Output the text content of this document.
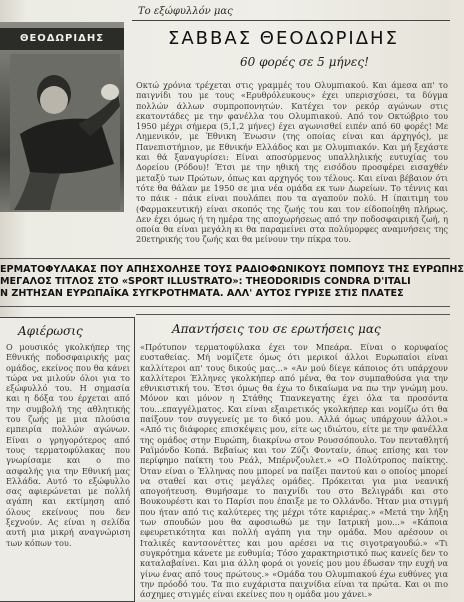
ΘΕΟΔΩΡΙΔΗΣ
Το εξώφυλλόν μας
ΣΑΒΒΑΣ ΘΕΟΔΩΡΙΔΗΣ
60 φορές σε 5 μήνες!
Οκτώ χρόνια τρέχεται στις γραμμές του Ολυμπιακού. Και άμεσα απ' το παιγνίδι του με τους «Ερυθρόλευκους» έχει υπερισχύσει, τα δύγμα πολλών άλλων συμπροπονητών. Κατέχει τον ρεκόρ αγώνων στις εκατοντάδες με την φανέλλα του Ολυμπιακού. Από τον Οκτώβριο του 1950 μέχρι σήμερα (5,1,2 μήνες) έχει αγωνισθεί ειπέν από 60 φορές! Με Λημενικόν, με Έθνικη Ένωσιν (της οποίας είναι και άρχηγός), με Πανεπιστήμιον, με Εθνικήν Ελλάδος και με Ολυμπιακόν. Και μή ξεχάστε και θά ξαναγυρίσει: Είναι αποσύρμενος υπαλληλικής ευτυχίας του Δορείου (Ρόδου)! Έτσι με την ηθική της εισόδου προσφέρει εισαχθέν μεταξύ των Πρώτων, όπως και αρχηγός του τέλους. Και είναι βέβαιον ότι τότε θα θάλαν με 1950 σε μια νέα ομάδα εκ των Δωρείων. Το τέννις και το πάικ - πάικ είναι πουλάπει που τα αγαπούν πολύ. Η ίπαιτιμη του (Φαρμακευτική) είναι σκοπός της ζωής του και τον είδοποίηθη πλήρως. Δεν έχει όμως ή τη ημέρα της αποχωρήσεως από την ποδοσφαιρική ζωή, η οποία θα είναι μεγάλη κι θα παραμείνει στα πολύμορφες αναμνήσεις της 20ετηρικής του ζωής και θα μείνουν την πίκρα του.
ΕΡΜΑΤΟΦΥΛΑΚΑΣ ΠΟΥ ΑΠΗΣΧΟΛΗΣΕ ΤΟΥΣ ΡΑΔΙΟΦΩΝΙΚΟΥΣ ΠΟΜΠΟΥΣ ΤΗΣ ΕΥΡΩΠΗΣ
ΜΕΓΑΛΟΣ ΤΙΤΛΟΣ ΣΤΟ «SPORT ILLUSTRATO»: THEODORIDIS CONDRA D'ITALI
Ν ΖΗΤΗΣΑΝ ΕΥΡΩΠΑΪΚΑ ΣΥΓΚΡΟΤΗΜΑΤΑ. ΑΛΛ' ΑΥΤΟΣ ΓΥΡΙΣΕ ΣΤΙΣ ΠΛΑΤΕΣ
Αφιέρωσις
Ο μουσικός γκολκήπερ της Εθνικής ποδοσφαιρικής μας ομάδος, εκείνος που θα κάνει τώρα να μιλούν όλοι για το εξώφυλλό του. Η σημασία και η δόξα του έρχεται από την συμβολή της αθλητικής του ζωής με μια πλούσια εμπειρία πολλών αγώνων. Είναι ο γρηγορότερος από τους τερματοφύλακας που γνωρίσαμε και ο πιο ασφαλής για την Εθνική μας Ελλάδα. Αυτό το εξώφυλλο σας αφιερώνεται με πολλή αγάπη και εκτίμηση από όλους εκείνους που δεν ξεχνούν. Ας είναι η σελίδα αυτή μια μικρή αναγνώριση των κόπων του.
Απαντήσεις του σε ερωτήσεις μας
«Πρότυπον τερματοφύλακα έχει τον Μπεάρα. Είναι ο κορυφαίος ευσταθείας. Μή νομίζετε όμως ότι μερικοί άλλοι Ευρωπαίοι είναι καλλίτεροι απ' τους δικούς μας...» «Αν μού δίεγε κάποιος ότι υπάρχουν καλλίτεροι Έλληνες γκολκήπερ από μένα, θα τον συμπαθούσα για την εθνικιστική του. Έτσι όμως θα έχω το δικαίωμα να πω την γνώμη μου. Μόνον και μόνον η Στάθης Τπανκεγατης έχει όλα τα προσόντα του...επαγγέλματος. Και είναι εξαιρετικός γκολκήπερ και νομίζω ότι θα παίξουν τον συγγενείς με το δικό μου. Αλλά όμως υπάρχουν άλλοι.» «Από τις διάφορες επισκέψεις μου, είτε ως ιδιώτου, είτε με την φανέλλα της ομάδος στην Ευρώπη, διακρίνω στον Ρουσσόπουλο. Τον πενταθλητή Ραϊμόνδο Κοπά. Βεβαίως και τον Ζύζι Φονταίν, όπως επίσης και τον περίφημο παίκτη του Ρεάλ, Μπέρνζουλετ.» «Ο Πολύτροπος παίκτης. Όταν είναι ο Έλληνας που μπορεί να παίξει παντού και ο οποίος μπορεί να σταθεί και στις μεγάλες ομάδες. Πρόκειται για μια νεανική απογοήτευση. Θυμήσαμε το παιχνίδι του στο Βελιγράδι και στο Βουκουρέστι και το Παρίσι που έπαιξε με το Ολλάνδο. Ήταν μια στιγμή που ήταν από τις καλύτερες της μέχρι τότε καριέρας.» «Μετά την λήξη των σπουδών μου θα αφοσιωθώ με την Ιατρική μου...» «Κάποια εφευρετικότητα και πολλή αγάπη για την ομάδα. Μου αρέσουν οι Ιταλικές καντσονέττες και μου αρέσει να τις σιγοτραγουδώ.» «Τι συγκρότημα κάνετε με ευθυμία; Τόσο χαρακτηριστικό πως κανείς δεν το καταλαβαίνει. Και μια άλλη φορά οι γονείς μου μου έδωσαν την ευχή να γίνω ένας από τους πρώτους.» «Ομάδα του Ολυμπιακού έχω ευθύνες για την πρόοδό του. Τα πιο ευχάριστα παιχνίδια είναι τα πρώτα. Και οι πιο άσχημες στιγμές είναι εκείνες που η ομάδα μου χάνει.»
